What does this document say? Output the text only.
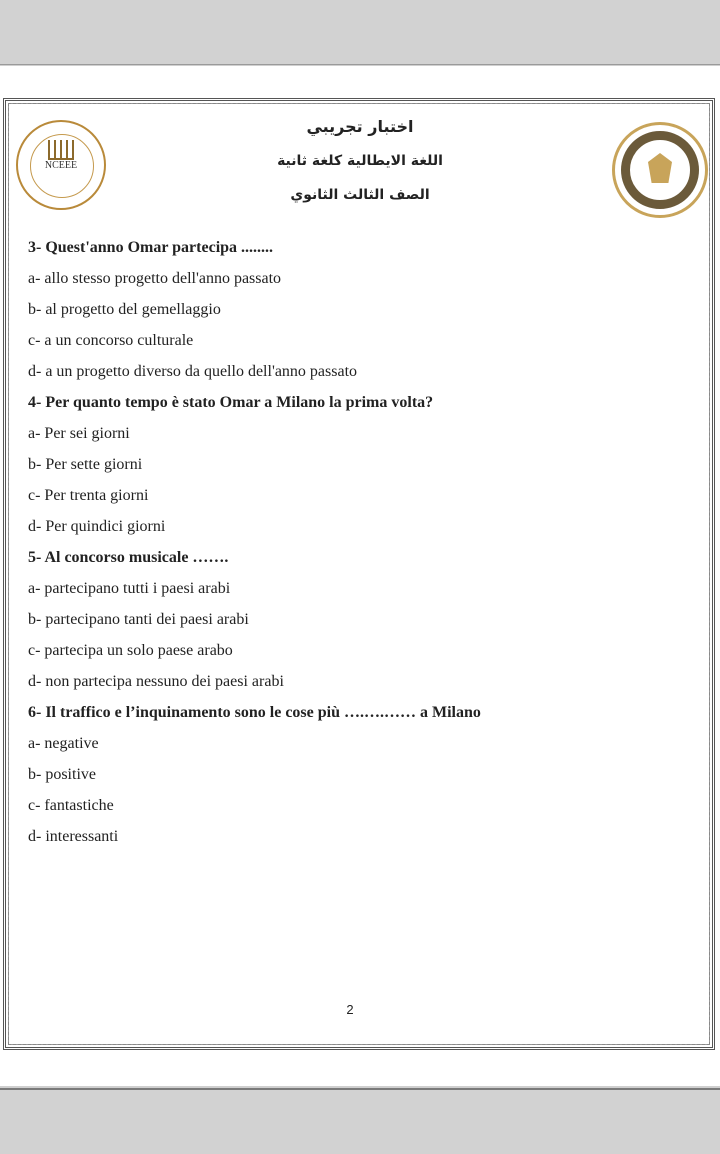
NCEEE
اختبار تجريبي
اللغة الايطالية كلغة ثانية
الصف الثالث الثانوي
3- Quest'anno Omar partecipa ........
a- allo stesso progetto dell'anno passato
b- al progetto del gemellaggio
c- a un concorso culturale
d- a un progetto diverso da quello dell'anno passato
4- Per quanto tempo è stato Omar a Milano la prima volta?
a- Per sei giorni
b- Per sette giorni
c- Per trenta giorni
d- Per quindici giorni
5- Al concorso musicale …….
a- partecipano tutti i paesi arabi
b- partecipano tanti dei paesi arabi
c- partecipa un solo paese arabo
d- non partecipa nessuno dei paesi arabi
6- Il traffico e l’inquinamento sono le cose più ….….…… a Milano
a- negative
b- positive
c- fantastiche
d- interessanti
2
